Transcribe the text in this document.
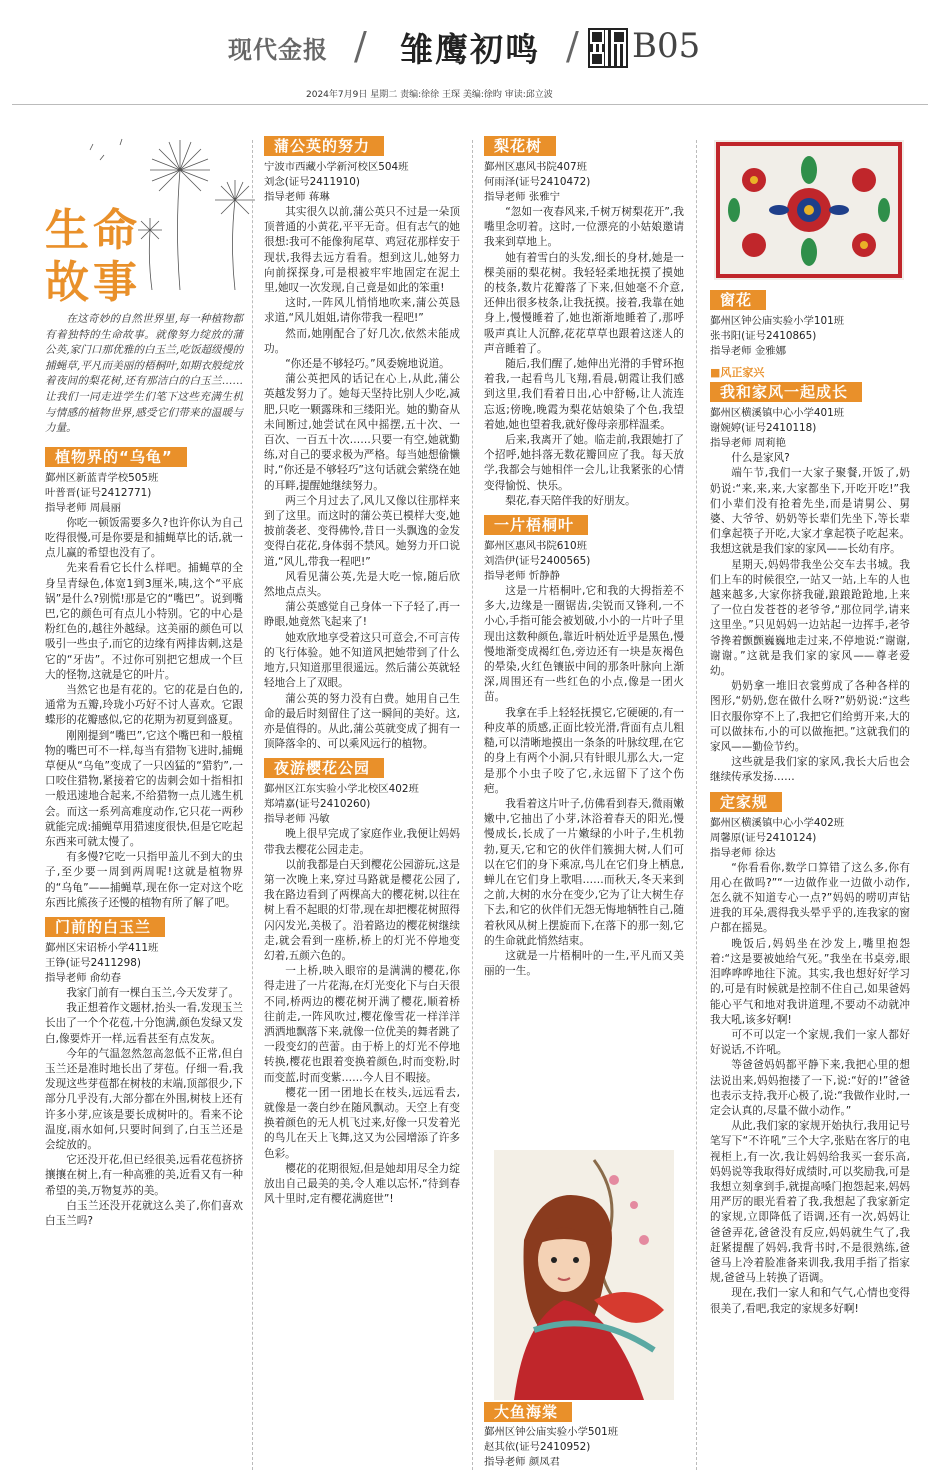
现代金报 / 雏鹰初鸣 / B05
2024年7月9日 星期二 责编:徐徐 王琛 美编:徐昀 审读:邱立波
生命
故事

在这奇妙的自然世界里,每一种植物都有着独特的生命故事。就像努力绽放的蒲公英,家门口那优雅的白玉兰,吃饭超级慢的捕蝇草,平凡而美丽的梧桐叶,如期衣般绽放着夜间的梨花树,还有那洁白的白玉兰……让我们一同走进学生们笔下这些充满生机与情感的植物世界,感受它们带来的温暖与力量。

植物界的“乌龟”
鄞州区新蓝青学校505班
叶普晋(证号2412771)
指导老师 周晨丽

你吃一顿饭需要多久?也许你认为自己吃得很慢,可是你要是和捕蝇草比的话,就一点儿赢的希望也没有了。

先来看看它长什么样吧。捕蝇草的全身呈青绿色,体宽1到3厘米,咦,这个“平底锅”是什么?别慌!那是它的“嘴巴”。说到嘴巴,它的颜色可有点儿小特别。它的中心是粉红色的,越往外越绿。这美丽的颜色可以吸引一些虫子,而它的边缘有两排齿刺,这是它的“牙齿”。不过你可别把它想成一个巨大的怪物,这就是它的叶片。

当然它也是有花的。它的花是白色的,通常为五瓣,玲珑小巧好不讨人喜欢。它跟蝶形的花瓣感似,它的花期为初夏到盛夏。

刚刚提到“嘴巴”,它这个嘴巴和一般植物的嘴巴可不一样,每当有猎物飞进时,捕蝇草便从“乌龟”变成了一只凶猛的“猎豹”,一口咬住猎物,紧接着它的齿刺会如十指相扣一般迅速地合起来,不给猎物一点儿逃生机会。而这一系列高难度动作,它只花一两秒就能完成:捕蝇草用猎速度很快,但是它吃起东西来可就太慢了。

有多慢?它吃一只指甲盖儿不到大的虫子,至少要一周到两周呢!这就是植物界的“乌龟”——捕蝇草,现在你一定对这个吃东西比熊孩子还慢的植物有所了解了吧。

门前的白玉兰
鄞州区宋诏桥小学411班
王铮(证号2411298)
指导老师 俞幼春

我家门前有一棵白玉兰,今天发芽了。

我正想着作文题材,抬头一看,发现玉兰长出了一个个花苞,十分饱满,颜色发绿又发白,像要炸开一样,远看甚至有点发灰。

今年的气温忽然忽高忽低不正常,但白玉兰还是准时地长出了芽苞。仔细一看,我发现这些芽苞都在树枝的末端,顶部很少,下部分几乎没有,大部分都在外围,树枝上还有许多小芽,应该是要长成树叶的。看来不论温度,雨水如何,只要时间到了,白玉兰还是会绽放的。

它还没开花,但已经很美,远看花苞挤挤攘攘在树上,有一种高雅的美,近看又有一种希望的美,万物复苏的美。

白玉兰还没开花就这么美了,你们喜欢白玉兰吗?

蒲公英的努力
宁波市西藏小学新河校区504班
刘念(证号2411910)
指导老师 蒋琳

其实很久以前,蒲公英只不过是一朵顶顶普通的小黄花,平平无奇。但有志气的她很想:我可不能像狗尾草、鸡冠花那样安于现状,我得去远方看看。想到这儿,她努力向前探探身,可是根被牢牢地固定在泥土里,她叹一次发现,自己竟是如此的笨重!

这时,一阵风儿悄悄地吹来,蒲公英恳求道,“风儿姐姐,请你带我一程吧!”

然而,她刚配合了好几次,依然未能成功。

“你还是不够轻巧。”风委婉地说道。

蒲公英把风的话记在心上,从此,蒲公英越发努力了。她每天坚持比别人少吃,减肥,只吃一颗露珠和三缕阳光。她的勤奋从未间断过,她尝试在风中摇摆,五十次、一百次、一百五十次……只要一有空,她就勤练,对自己的要求极为严格。每当她想偷懒时,“你还是不够轻巧”这句话就会萦绕在她的耳畔,提醒她继续努力。

两三个月过去了,风儿又像以往那样来到了这里。而这时的蒲公英已模样大变,她披前袭老、变得佛怜,昔日一头飘逸的金发变得白花花,身体弱不禁风。她努力开口说道,“风儿,带我一程吧!”

风看见蒲公英,先是大吃一惊,随后欣然地点点头。

蒲公英感觉自己身体一下子轻了,再一睁眼,她竟然飞起来了!

她欢欣地享受着这只可意会,不可言传的飞行体验。她不知道风把她带到了什么地方,只知道那里很遥远。然后蒲公英就轻轻地合上了双眼。

蒲公英的努力没有白费。她用自己生命的最后时刻留住了这一瞬间的美好。这,亦是值得的。从此,蒲公英就变成了拥有一顶降落伞的、可以乘风远行的植物。

夜游樱花公园
鄞州区江东实验小学北校区402班
郑靖嘉(证号2410260)
指导老师 冯敏

晚上很早完成了家庭作业,我便让妈妈带我去樱花公园走走。

以前我都是白天到樱花公园游玩,这是第一次晚上来,穿过马路就是樱花公园了,我在路边看到了两棵高大的樱花树,以往在树上看不起眼的灯带,现在却把樱花树照得闪闪发光,美极了。沿着路边的樱花树继续走,就会看到一座桥,桥上的灯光不停地变幻着,五颜六色的。

一上桥,映入眼帘的是满满的樱花,你得走进了一片花海,在灯光变化下与白天很不同,桥两边的樱花树开满了樱花,顺着桥往前走,一阵风吹过,樱花像雪花一样洋洋洒洒地飘落下来,就像一位优美的舞者跳了一段变幻的芭蕾。由于桥上的灯光不停地转换,樱花也跟着变换着颜色,时而变粉,时而变蓝,时而变紫……今人目不暇接。

樱花一团一团地长在枝头,远远看去,就像是一袭白纱在随风飘动。天空上有变换着颜色的无人机飞过来,好像一只发着光的鸟儿在天上飞舞,这又为公园增添了许多色彩。

樱花的花期很短,但是她却用尽全力绽放出自己最美的美,令人难以忘怀,“待到春风十里时,定有樱花满庭世”!

梨花树
鄞州区惠风书院407班
何雨泽(证号2410472)
指导老师 张雅宁

“忽如一夜春风来,千树万树梨花开”,我嘴里念叨着。这时,一位漂亮的小姑娘邀请我来到草地上。

她有着雪白的头发,细长的身材,她是一棵美丽的梨花树。我轻轻柔地抚摸了摸她的枝条,数片花瓣落了下来,但她毫不介意,还伸出很多枝条,让我抚摸。接着,我靠在她身上,慢慢睡着了,她也渐渐地睡着了,那呼吸声真让人沉醉,花花草草也跟着这迷人的声音睡着了。

随后,我们醒了,她伸出光滑的手臂环抱着我,一起看鸟儿飞翔,看晨,朝霞让我们感到这里,我们看着日出,心中舒畅,让人流连忘返;傍晚,晚霞为梨花姑娘染了个色,我望着她,她也望着我,就好像母亲那样温柔。

后来,我离开了她。临走前,我跟她打了个招呼,她抖落无数花瓣回应了我。每天放学,我都会与她相伴一会儿,让我紧张的心情变得愉悦、快乐。

梨花,春天陪伴我的好朋友。

一片梧桐叶
鄞州区惠风书院610班
刘浩伊(证号2400565)
指导老师 忻静静

这是一片梧桐叶,它和我的大拇指差不多大,边缘是一圈锯齿,尖锐而又锋利,一不小心,手指可能会被划破,小小的一片叶子里现出这数种颜色,靠近叶柄处近乎是黑色,慢慢地渐变成褐红色,旁边还有一块是灰褐色的晕染,火红色镶嵌中间的那条叶脉向上渐深,周围还有一些红色的小点,像是一团火苗。

我拿在手上轻轻抚摸它,它硬硬的,有一种皮革的质感,正面比较光滑,背面有点儿粗糙,可以清晰地摸出一条条的叶脉纹理,在它的身上有两个小洞,只有针眼儿那么大,一定是那个小虫子咬了它,永远留下了这个伤疤。

我看着这片叶子,仿佛看到春天,微雨嫩嫩中,它抽出了小芽,沐浴着春天的阳光,慢慢成长,长成了一片嫩绿的小叶子,生机勃勃,夏天,它和它的伙伴们簇拥大树,人们可以在它们的身下乘凉,鸟儿在它们身上栖息,蝉儿在它们身上歌唱……而秋天,冬天来到之前,大树的水分在变少,它为了让大树生存下去,和它的伙伴们无怨无悔地牺牲自己,随着秋风从树上摆旋而下,在落下的那一刻,它的生命就此悄然结束。

这就是一片梧桐叶的一生,平凡而又美丽的一生。

大鱼海棠
鄞州区钟公庙实验小学501班
赵其依(证号2410952)
指导老师 颜凤君
窗花
鄞州区钟公庙实验小学101班
张书阳(证号2410865)
指导老师 金雅娜
■风正家兴
我和家风一起成长
鄞州区横溪镇中心小学401班
谢婉婷(证号2410118)
指导老师 周莉艳

什么是家风?

端午节,我们一大家子聚餐,开饭了,奶奶说:“来,来,来,大家都坐下,开吃开吃!”我们小辈们没有抢着先坐,而是请舅公、舅婆、大爷爷、奶奶等长辈们先坐下,等长辈们拿起筷子开吃,大家才拿起筷子吃起来。我想这就是我们家的家风——长幼有序。

星期天,妈妈带我坐公交车去书城。我们上车的时候很空,一站又一站,上车的人也越来越多,大家你挤我碰,踉踉跄跄地,上来了一位白发苍苍的老爷爷,“那位同学,请来这里坐。”只见妈妈一边站起一边挥手,老爷爷搀着颤颤巍巍地走过来,不停地说:“谢谢,谢谢。”这就是我们家的家风——尊老爱幼。

奶奶拿一堆旧衣裳剪成了各种各样的图形,“奶奶,您在做什么呀?”奶奶说:“这些旧衣服你穿不上了,我把它们给剪开来,大的可以做抹布,小的可以做拖把。”这就我们的家风——勤俭节约。

这些就是我们家的家风,我长大后也会继续传承发扬……

定家规
鄞州区横溪镇中心小学402班
周馨原(证号2410124)
指导老师 徐达

“你看看你,数学口算错了这么多,你有用心在做吗?”“一边做作业一边做小动作,怎么就不知道专心一点?”妈妈的唠叨声钻进我的耳朵,震得我头晕乎乎的,连我家的窗户都在摇晃。

晚饭后,妈妈坐在沙发上,嘴里抱怨着:“这是要被她给气死。”我坐在书桌旁,眼泪哗哗哗地往下流。其实,我也想好好学习的,可是有时候就是控制不住自己,如果爸妈能心平气和地对我讲道理,不要动不动就冲我大吼,该多好啊!

可不可以定一个家规,我们一家人都好好说话,不许吼。

等爸爸妈妈都平静下来,我把心里的想法说出来,妈妈抱搂了一下,说:“好的!”爸爸也表示支持,我开心极了,说:“我做作业时,一定会认真的,尽量不做小动作。”

从此,我们家的家规开始执行,我用记号笔写下“不许吼”三个大字,张贴在客厅的电视柜上,有一次,我让妈妈给我买一套乐高,妈妈说等我取得好成绩时,可以奖励我,可是我想立刻拿到手,就提高嗓门抱怨起来,妈妈用严厉的眼光看着了我,我想起了我家新定的家规,立即降低了语调,还有一次,妈妈让爸爸弄花,爸爸没有反应,妈妈就生气了,我赶紧提醒了妈妈,我背书时,不是很熟练,爸爸马上冷着脸准备来训我,我用手指了指家规,爸爸马上转换了语调。

现在,我们一家人和和气气,心情也变得很美了,看吧,我定的家规多好啊!
